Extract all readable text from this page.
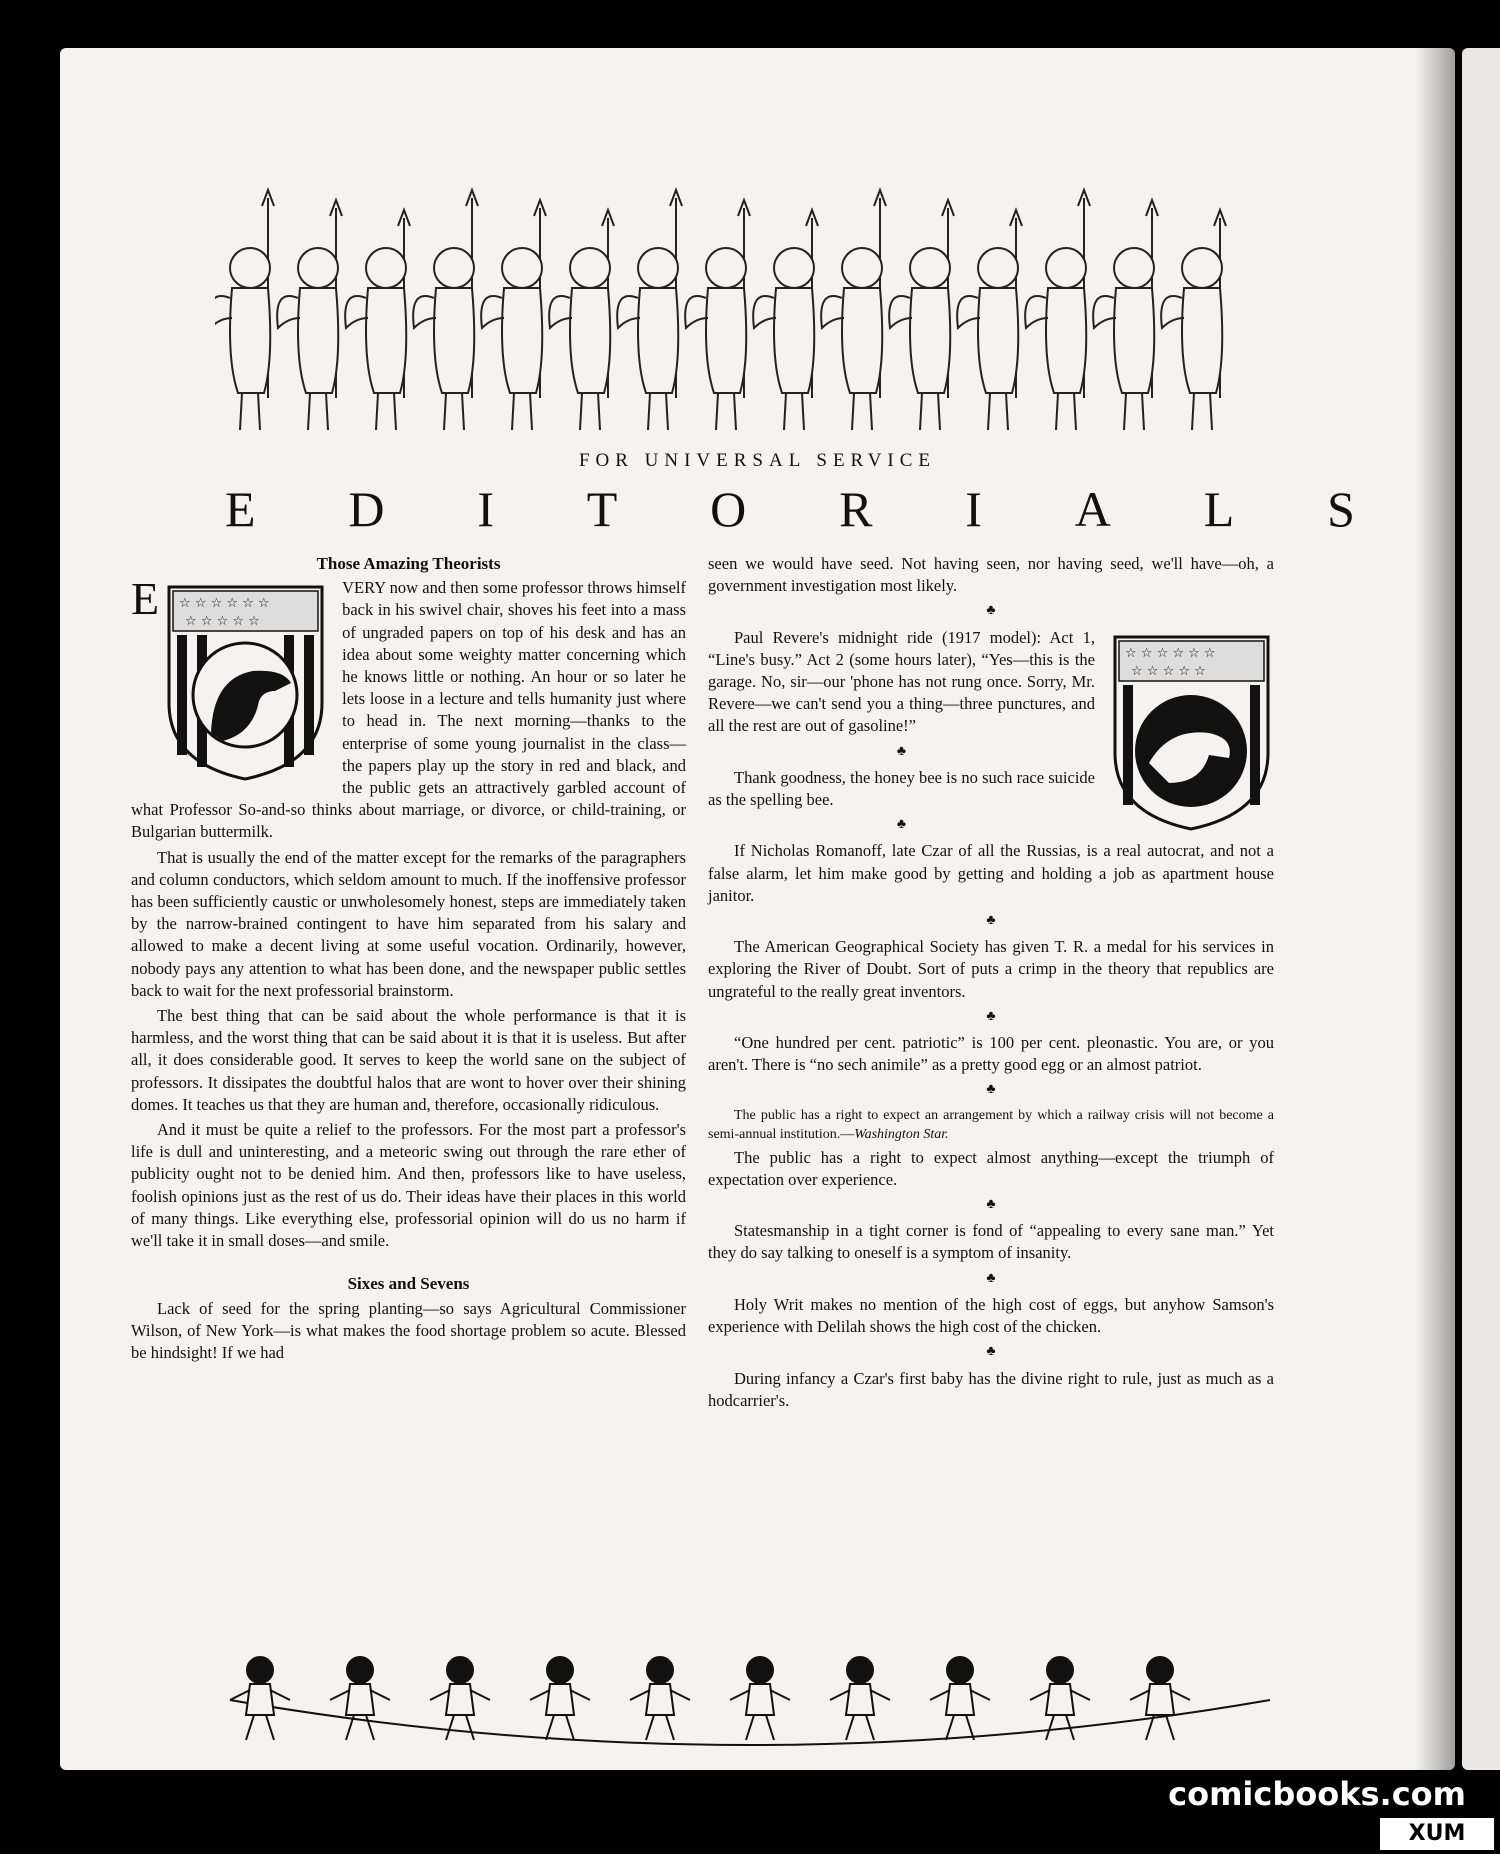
FOR UNIVERSAL SERVICE
E D I T O R I A L S
Those Amazing Theorists

E ☆ ☆ ☆ ☆ ☆ ☆
☆ ☆ ☆ ☆ ☆
VERY now and then some professor throws himself back in his swivel chair, shoves his feet into a mass of ungraded papers on top of his desk and has an idea about some weighty matter concerning which he knows little or nothing. An hour or so later he lets loose in a lecture and tells humanity just where to head in. The next morning—thanks to the enterprise of some young journalist in the class—the papers play up the story in red and black, and the public gets an attractively garbled account of what Professor So-and-so thinks about marriage, or divorce, or child-training, or Bulgarian buttermilk.

That is usually the end of the matter except for the remarks of the paragraphers and column conductors, which seldom amount to much. If the inoffensive professor has been sufficiently caustic or unwholesomely honest, steps are immediately taken by the narrow-brained contingent to have him separated from his salary and allowed to make a decent living at some useful vocation. Ordinarily, however, nobody pays any attention to what has been done, and the newspaper public settles back to wait for the next professorial brainstorm.

The best thing that can be said about the whole performance is that it is harmless, and the worst thing that can be said about it is that it is useless. But after all, it does considerable good. It serves to keep the world sane on the subject of professors. It dissipates the doubtful halos that are wont to hover over their shining domes. It teaches us that they are human and, therefore, occasionally ridiculous.

And it must be quite a relief to the professors. For the most part a professor's life is dull and uninteresting, and a meteoric swing out through the rare ether of publicity ought not to be denied him. And then, professors like to have useless, foolish opinions just as the rest of us do. Their ideas have their places in this world of many things. Like everything else, professorial opinion will do us no harm if we'll take it in small doses—and smile.

Sixes and Sevens

Lack of seed for the spring planting—so says Agricultural Commissioner Wilson, of New York—is what makes the food shortage problem so acute. Blessed be hindsight! If we had

seen we would have seed. Not having seen, nor having seed, we'll have—oh, a government investigation most likely.

♣
☆ ☆ ☆ ☆ ☆ ☆
☆ ☆ ☆ ☆ ☆

Paul Revere's midnight ride (1917 model): Act 1, “Line's busy.” Act 2 (some hours later), “Yes—this is the garage. No, sir—our 'phone has not rung once. Sorry, Mr. Revere—we can't send you a thing—three punctures, and all the rest are out of gasoline!”

♣

Thank goodness, the honey bee is no such race suicide as the spelling bee.

♣

If Nicholas Romanoff, late Czar of all the Russias, is a real autocrat, and not a false alarm, let him make good by getting and holding a job as apartment house janitor.

♣

The American Geographical Society has given T. R. a medal for his services in exploring the River of Doubt. Sort of puts a crimp in the theory that republics are ungrateful to the really great inventors.

♣

“One hundred per cent. patriotic” is 100 per cent. pleonastic. You are, or you aren't. There is “no sech animile” as a pretty good egg or an almost patriot.

♣

The public has a right to expect an arrangement by which a railway crisis will not become a semi-annual institution.—Washington Star.

The public has a right to expect almost anything—except the triumph of expectation over experience.

♣

Statesmanship in a tight corner is fond of “appealing to every sane man.” Yet they do say talking to oneself is a symptom of insanity.

♣

Holy Writ makes no mention of the high cost of eggs, but anyhow Samson's experience with Delilah shows the high cost of the chicken.

♣

During infancy a Czar's first baby has the divine right to rule, just as much as a hodcarrier's.

comicbooks.com
XUM
